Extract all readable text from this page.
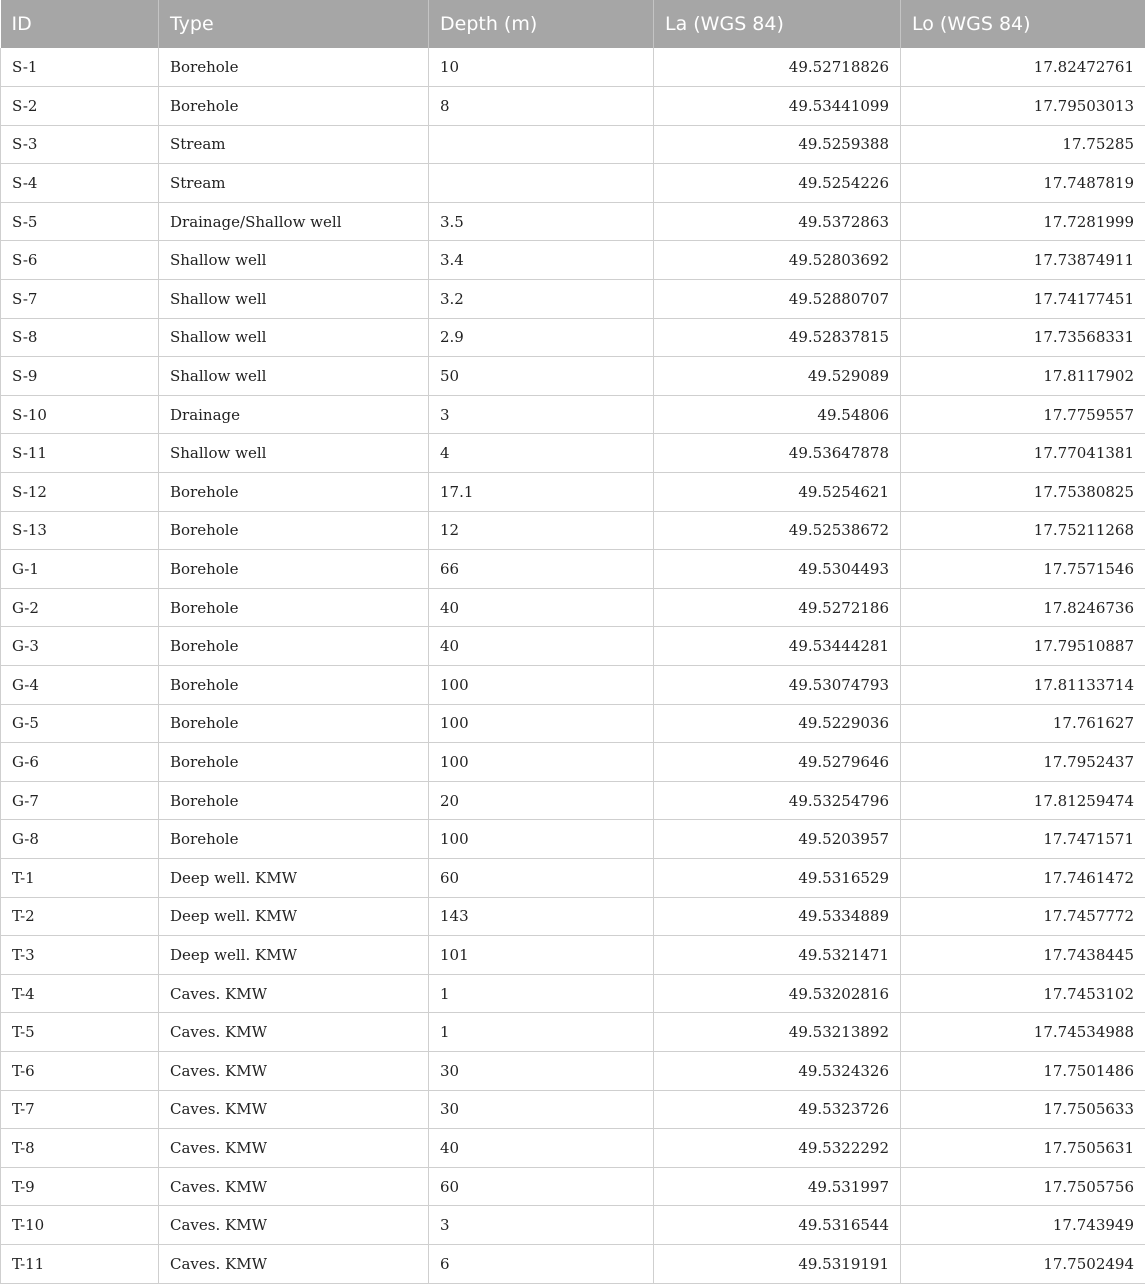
ID	Type	Depth (m)	La (WGS 84)	Lo (WGS 84)
S-1	Borehole	10	49.52718826	17.82472761
S-2	Borehole	8	49.53441099	17.79503013
S-3	Stream		49.5259388	17.75285
S-4	Stream		49.5254226	17.7487819
S-5	Drainage/Shallow well	3.5	49.5372863	17.7281999
S-6	Shallow well	3.4	49.52803692	17.73874911
S-7	Shallow well	3.2	49.52880707	17.74177451
S-8	Shallow well	2.9	49.52837815	17.73568331
S-9	Shallow well	50	49.529089	17.8117902
S-10	Drainage	3	49.54806	17.7759557
S-11	Shallow well	4	49.53647878	17.77041381
S-12	Borehole	17.1	49.5254621	17.75380825
S-13	Borehole	12	49.52538672	17.75211268
G-1	Borehole	66	49.5304493	17.7571546
G-2	Borehole	40	49.5272186	17.8246736
G-3	Borehole	40	49.53444281	17.79510887
G-4	Borehole	100	49.53074793	17.81133714
G-5	Borehole	100	49.5229036	17.761627
G-6	Borehole	100	49.5279646	17.7952437
G-7	Borehole	20	49.53254796	17.81259474
G-8	Borehole	100	49.5203957	17.7471571
T-1	Deep well. KMW	60	49.5316529	17.7461472
T-2	Deep well. KMW	143	49.5334889	17.7457772
T-3	Deep well. KMW	101	49.5321471	17.7438445
T-4	Caves. KMW	1	49.53202816	17.7453102
T-5	Caves. KMW	1	49.53213892	17.74534988
T-6	Caves. KMW	30	49.5324326	17.7501486
T-7	Caves. KMW	30	49.5323726	17.7505633
T-8	Caves. KMW	40	49.5322292	17.7505631
T-9	Caves. KMW	60	49.531997	17.7505756
T-10	Caves. KMW	3	49.5316544	17.743949
T-11	Caves. KMW	6	49.5319191	17.7502494
